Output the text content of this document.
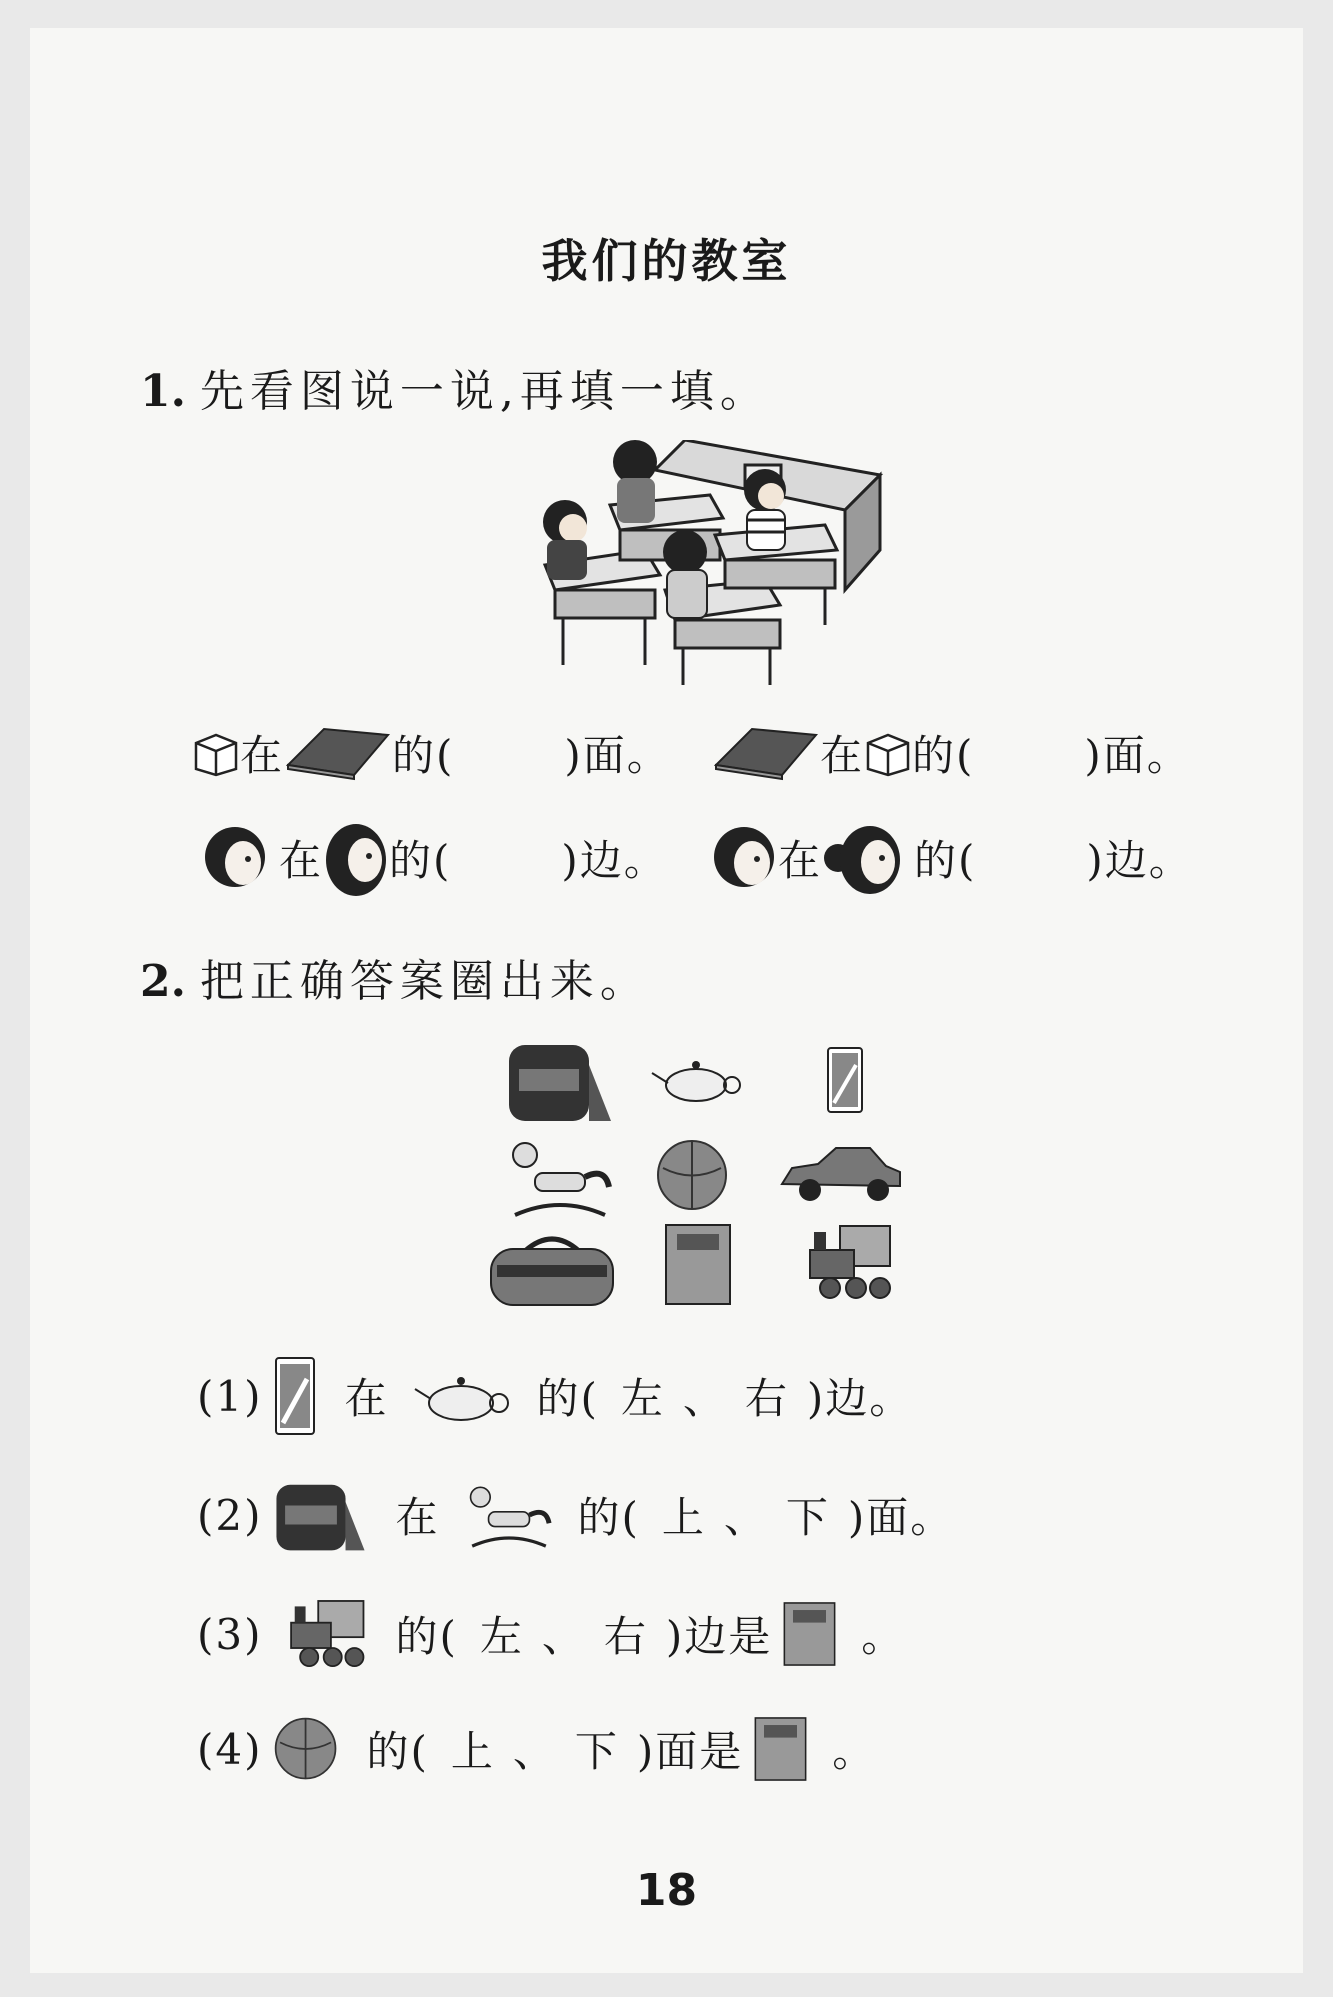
我们的教室
1. 先看图说一说,再填一填。
在	的(	)面。	在 的(	)面。
在 的(	)边。	在 的(	)边。
2. 把正确答案圈出来。
(1) 在	的( 左、右 )边。
(2)	在	的( 上、下 )面。
(3)	的( 左、右 )边是 。
(4) 的( 上、下 )面是 。
18
